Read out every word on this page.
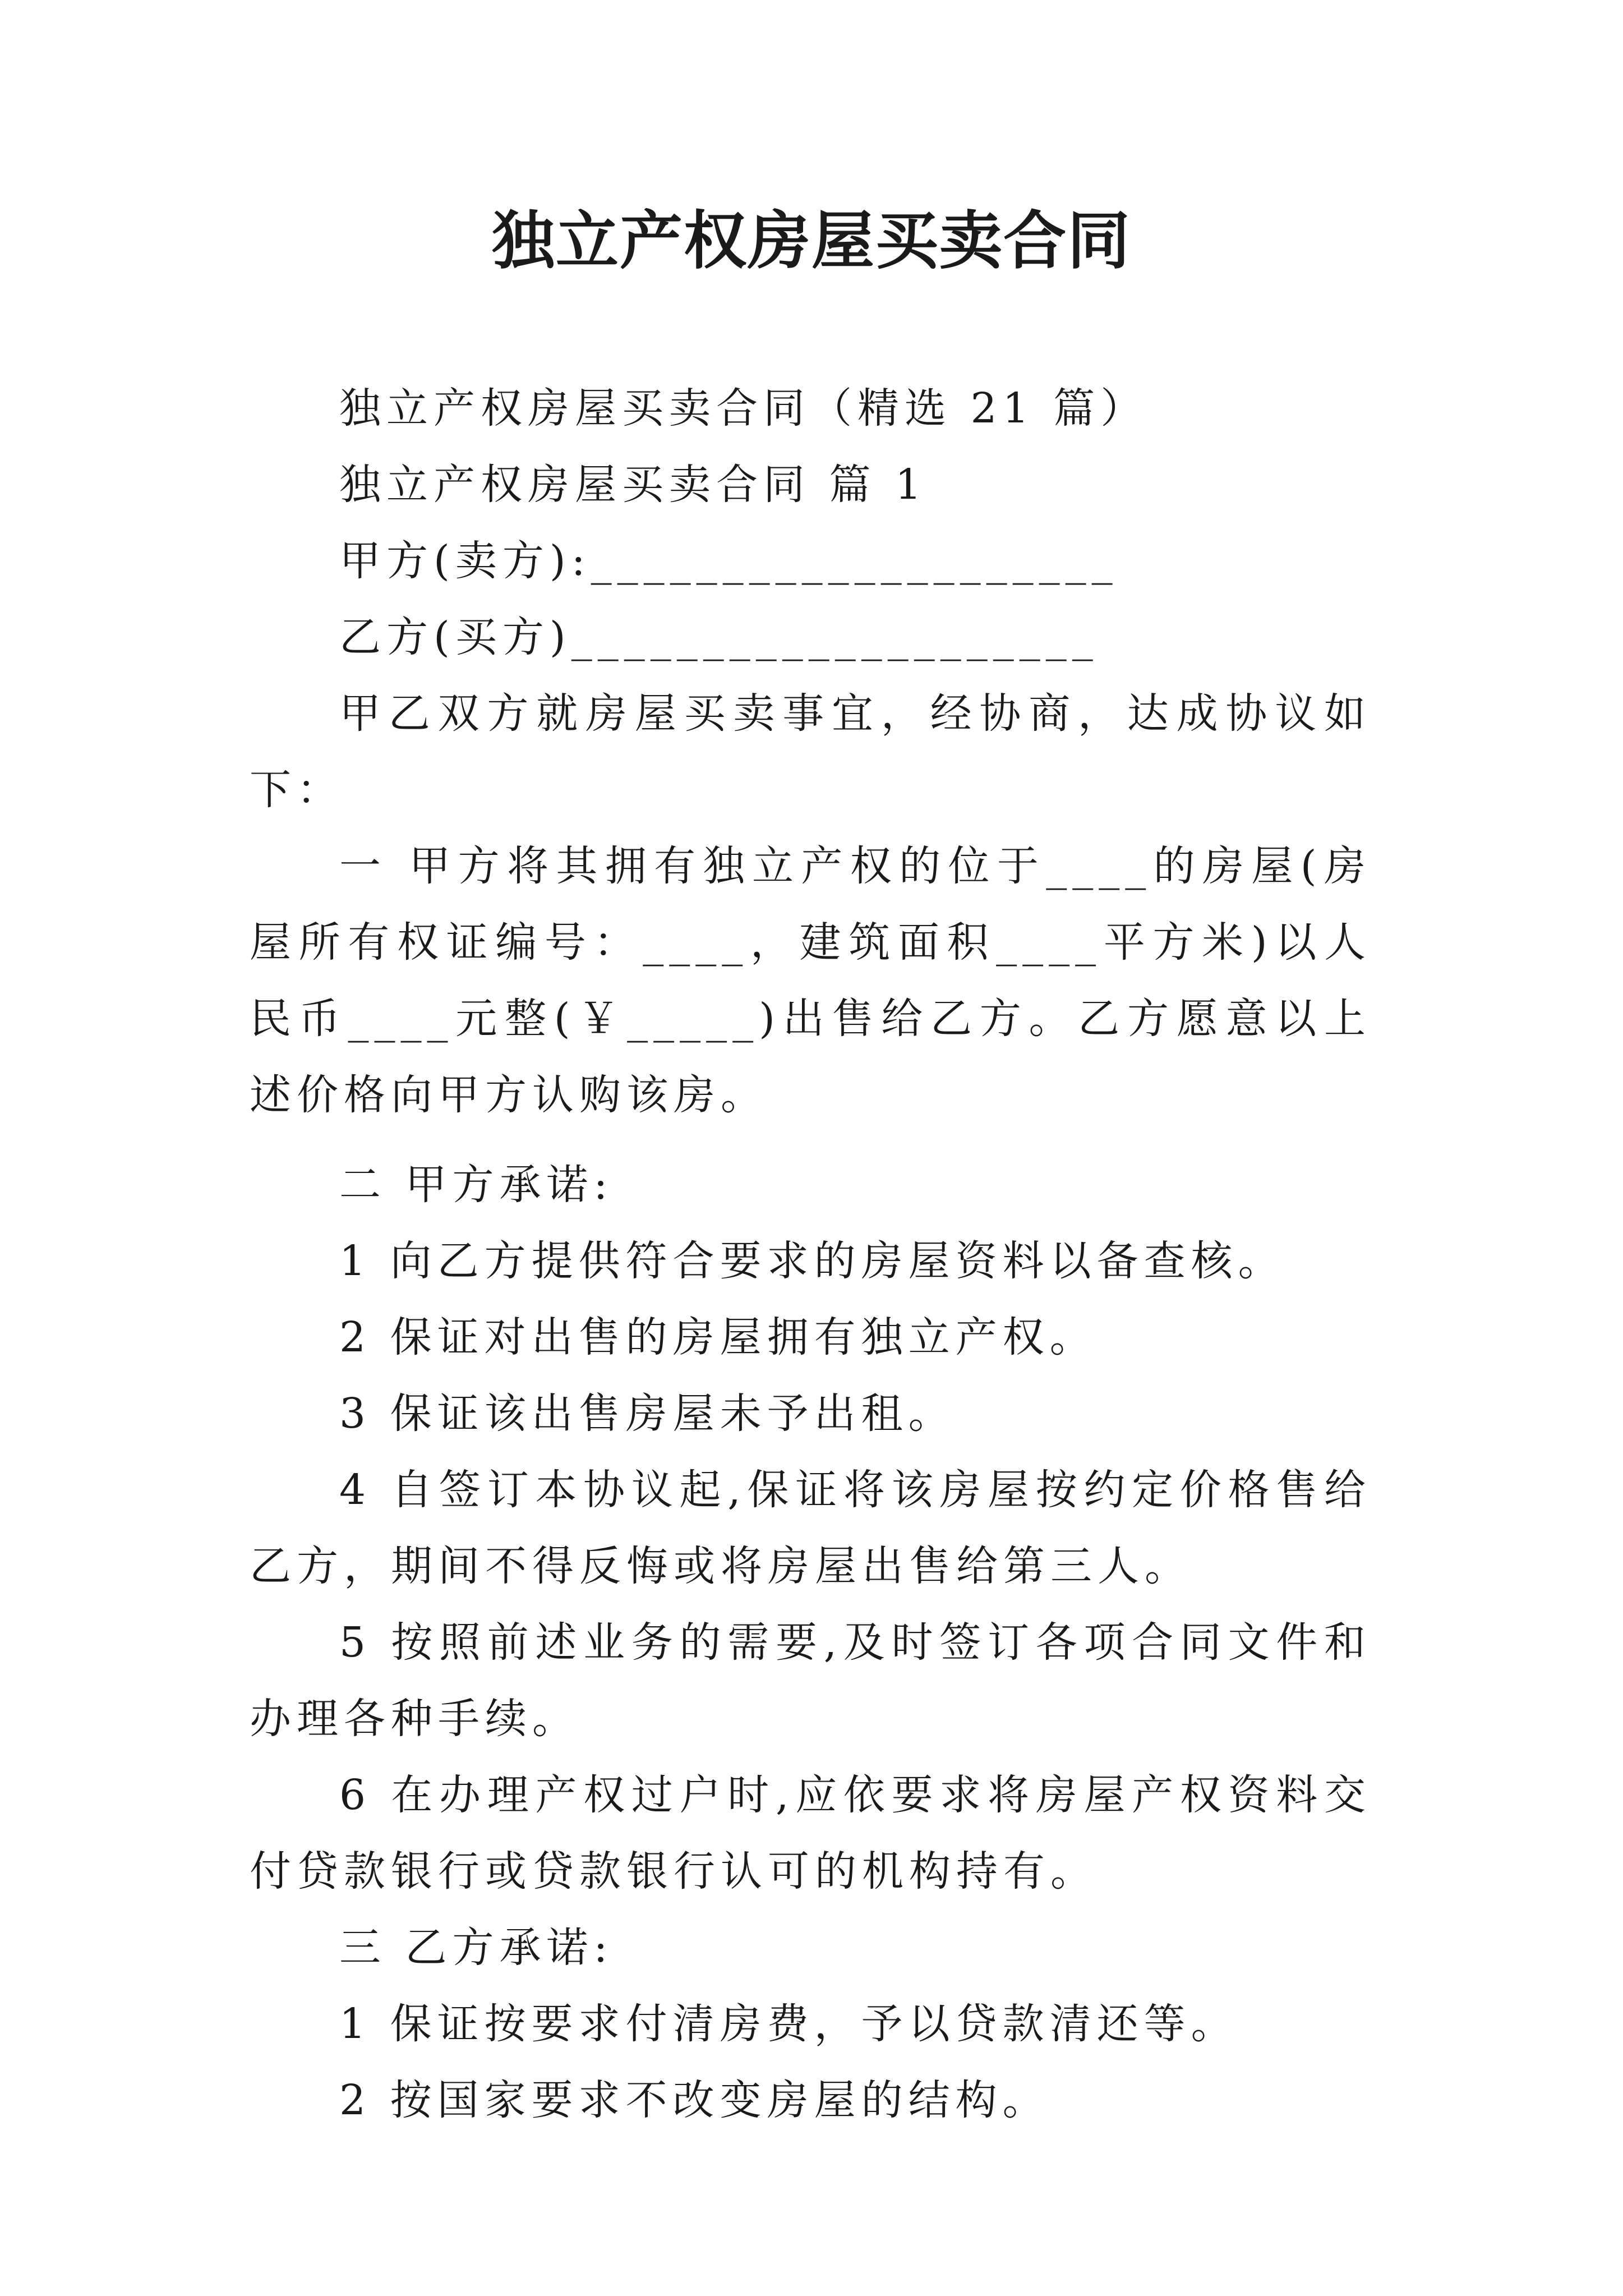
独立产权房屋买卖合同

独立产权房屋买卖合同（精选 21 篇）

独立产权房屋买卖合同 篇 1

甲方(卖方):____________________

乙方(买方)____________________

甲乙双方就房屋买卖事宜，经协商，达成协议如下：

一 甲方将其拥有独立产权的位于____的房屋(房屋所有权证编号：____，建筑面积____平方米)以人民币____元整(￥_____)出售给乙方。乙方愿意以上述价格向甲方认购该房。

二 甲方承诺:

1 向乙方提供符合要求的房屋资料以备查核。

2 保证对出售的房屋拥有独立产权。

3 保证该出售房屋未予出租。

4 自签订本协议起,保证将该房屋按约定价格售给乙方，期间不得反悔或将房屋出售给第三人。

5 按照前述业务的需要,及时签订各项合同文件和办理各种手续。

6 在办理产权过户时,应依要求将房屋产权资料交付贷款银行或贷款银行认可的机构持有。

三 乙方承诺:

1 保证按要求付清房费，予以贷款清还等。

2 按国家要求不改变房屋的结构。
